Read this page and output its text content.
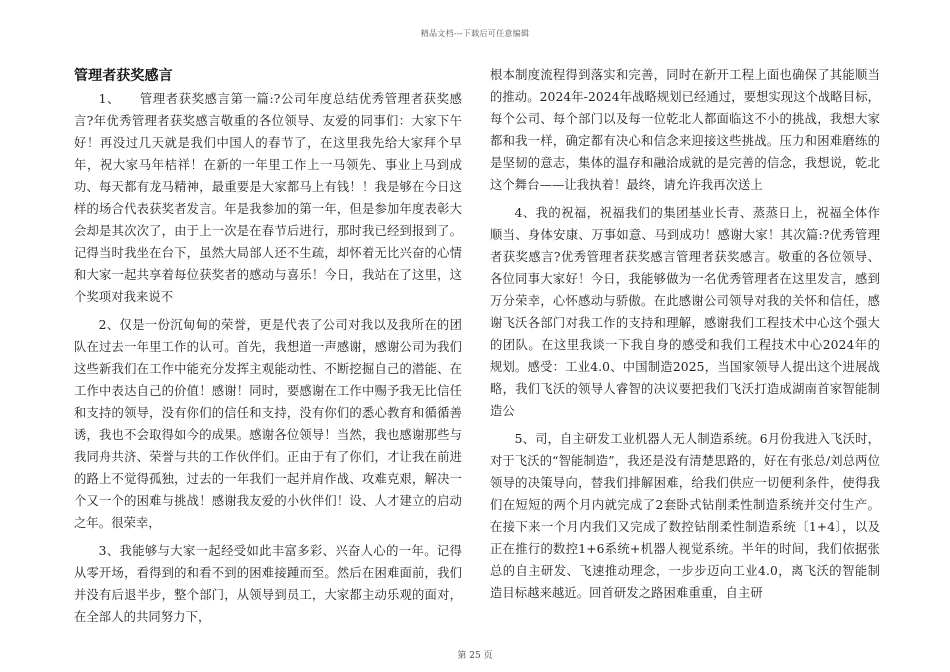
精品文档---下载后可任意编辑
管理者获奖感言

1、　　管理者获奖感言第一篇:?公司年度总结优秀管理者获奖感言?年优秀管理者获奖感言敬重的各位领导、友爱的同事们：大家下午好！再没过几天就是我们中国人的春节了，在这里我先给大家拜个早年，祝大家马年桔祥！在新的一年里工作上一马领先、事业上马到成功、每天都有龙马精神，最重要是大家都马上有钱！！我是够在今日这样的场合代表获奖者发言。年是我参加的第一年，但是参加年度表彰大会却是其次次了，由于上一次是在春节后进行，那时我已经到报到了。记得当时我坐在台下，虽然大局部人还不生疏，却怀着无比兴奋的心情和大家一起共享着每位获奖者的感动与喜乐！今日，我站在了这里，这个奖项对我来说不

2、仅是一份沉甸甸的荣誉，更是代表了公司对我以及我所在的团队在过去一年里工作的认可。首先，我想道一声感谢，感谢公司为我们这些新我们在工作中能充分发挥主观能动性、不断挖掘自己的潜能、在工作中表达自己的价值！感谢！同时，要感谢在工作中赐予我无比信任和支持的领导，没有你们的信任和支持，没有你们的悉心教育和循循善诱，我也不会取得如今的成果。感谢各位领导！当然，我也感谢那些与我同舟共济、荣誉与共的工作伙伴们。正由于有了你们，才让我在前进的路上不觉得孤独，过去的一年我们一起并肩作战、攻难克艰，解决一个又一个的困难与挑战！感谢我友爱的小伙伴们！设、人才建立的启动之年。很荣幸，

3、我能够与大家一起经受如此丰富多彩、兴奋人心的一年。记得从零开场，看得到的和看不到的困难接踵而至。然后在困难面前，我们并没有后退半步，整个部门，从领导到员工，大家都主动乐观的面对，在全部人的共同努力下，

根本制度流程得到落实和完善，同时在新开工程上面也确保了其能顺当的推动。2024年-2024年战略规划已经通过，要想实现这个战略目标，每个公司、每个部门以及每一位乾北人都面临这不小的挑战，我想大家都和我一样，确定都有决心和信念来迎接这些挑战。压力和困难磨练的是坚韧的意志，集体的温存和融洽成就的是完善的信念，我想说，乾北这个舞台——让我执着！最终，请允许我再次送上

4、我的祝福，祝福我们的集团基业长青、蒸蒸日上，祝福全体作顺当、身体安康、万事如意、马到成功！感谢大家！其次篇:?优秀管理者获奖感言?优秀管理者获奖感言管理者获奖感言。敬重的各位领导、各位同事大家好！今日，我能够做为一名优秀管理者在这里发言，感到万分荣幸，心怀感动与骄傲。在此感谢公司领导对我的关怀和信任，感谢飞沃各部门对我工作的支持和理解，感谢我们工程技术中心这个强大的团队。在这里我谈一下我自身的感受和我们工程技术中心2024年的规划。感受：工业4.0、中国制造2025，当国家领导人提出这个进展战略，我们飞沃的领导人睿智的决议要把我们飞沃打造成湖南首家智能制造公

5、司，自主研发工业机器人无人制造系统。6月份我进入飞沃时，对于飞沃的“智能制造”，我还是没有清楚思路的，好在有张总/刘总两位领导的决策导向，替我们排解困难，给我们供应一切便利条件，使得我们在短短的两个月内就完成了2套卧式钻削柔性制造系统并交付生产。在接下来一个月内我们又完成了数控钻削柔性制造系统〔1+4〕，以及正在推行的数控1+6系统+机器人视觉系统。半年的时间，我们依据张总的自主研发、飞速推动理念，一步步迈向工业4.0，离飞沃的智能制造目标越来越近。回首研发之路困难重重，自主研

第 25 页
